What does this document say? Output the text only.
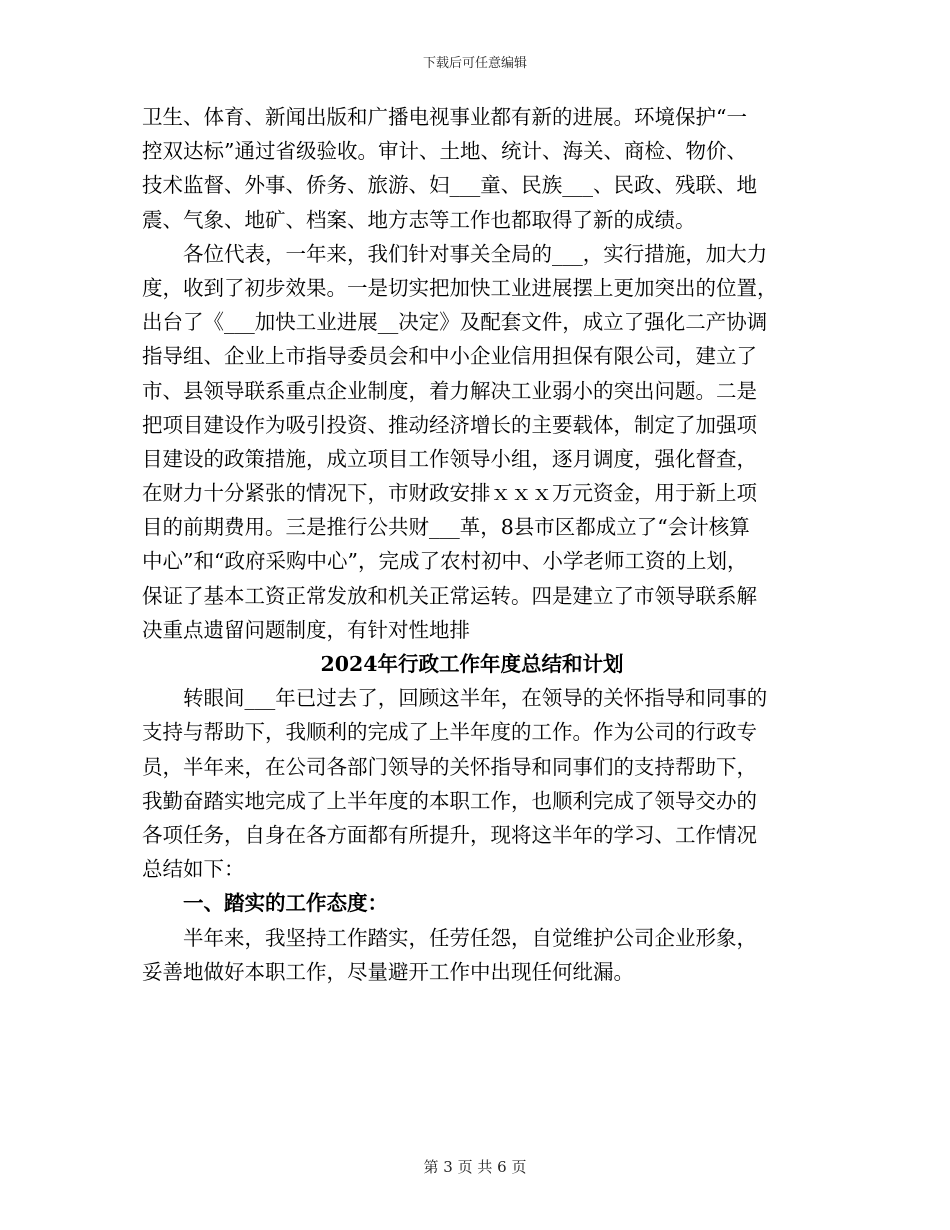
下载后可任意编辑
卫生、体育、新闻出版和广播电视事业都有新的进展。环境保护“一
控双达标”通过省级验收。审计、土地、统计、海关、商检、物价、
技术监督、外事、侨务、旅游、妇___童、民族___、民政、残联、地
震、气象、地矿、档案、地方志等工作也都取得了新的成绩。
各位代表，一年来，我们针对事关全局的___，实行措施，加大力
度，收到了初步效果。一是切实把加快工业进展摆上更加突出的位置，
出台了《___加快工业进展__决定》及配套文件，成立了强化二产协调
指导组、企业上市指导委员会和中小企业信用担保有限公司，建立了
市、县领导联系重点企业制度，着力解决工业弱小的突出问题。二是
把项目建设作为吸引投资、推动经济增长的主要载体，制定了加强项
目建设的政策措施，成立项目工作领导小组，逐月调度，强化督查，
在财力十分紧张的情况下，市财政安排ｘｘｘ万元资金，用于新上项
目的前期费用。三是推行公共财___革，8县市区都成立了“会计核算
中心”和“政府采购中心”，完成了农村初中、小学老师工资的上划，
保证了基本工资正常发放和机关正常运转。四是建立了市领导联系解
决重点遗留问题制度，有针对性地排
2024年行政工作年度总结和计划
转眼间___年已过去了，回顾这半年，在领导的关怀指导和同事的
支持与帮助下，我顺利的完成了上半年度的工作。作为公司的行政专
员，半年来，在公司各部门领导的关怀指导和同事们的支持帮助下，
我勤奋踏实地完成了上半年度的本职工作，也顺利完成了领导交办的
各项任务，自身在各方面都有所提升，现将这半年的学习、工作情况
总结如下：
一、踏实的工作态度：
半年来，我坚持工作踏实，任劳任怨，自觉维护公司企业形象，
妥善地做好本职工作，尽量避开工作中出现任何纰漏。
第 3 页 共 6 页
